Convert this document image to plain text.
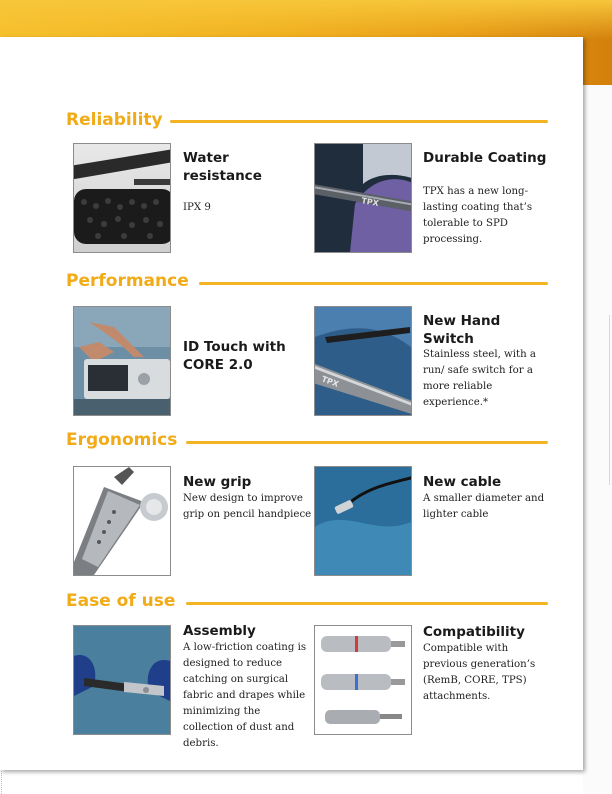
Reliability
Water resistance
IPX 9	TPX
Durable Coating
TPX has a new long-lasting coating that’s tolerable to SPD processing.
Performance
ID Touch with CORE 2.0
TPX
New Hand Switch
Stainless steel, with a run/ safe switch for a more reliable experience.*
Ergonomics
New grip
New design to improve grip on pencil handpiece
New cable
A smaller diameter and lighter cable
Ease of use
Assembly
A low-friction coating is designed to reduce catching on surgical fabric and drapes while minimizing the collection of dust and debris.
Compatibility
Compatible with previous generation’s (RemB, CORE, TPS) attachments.
